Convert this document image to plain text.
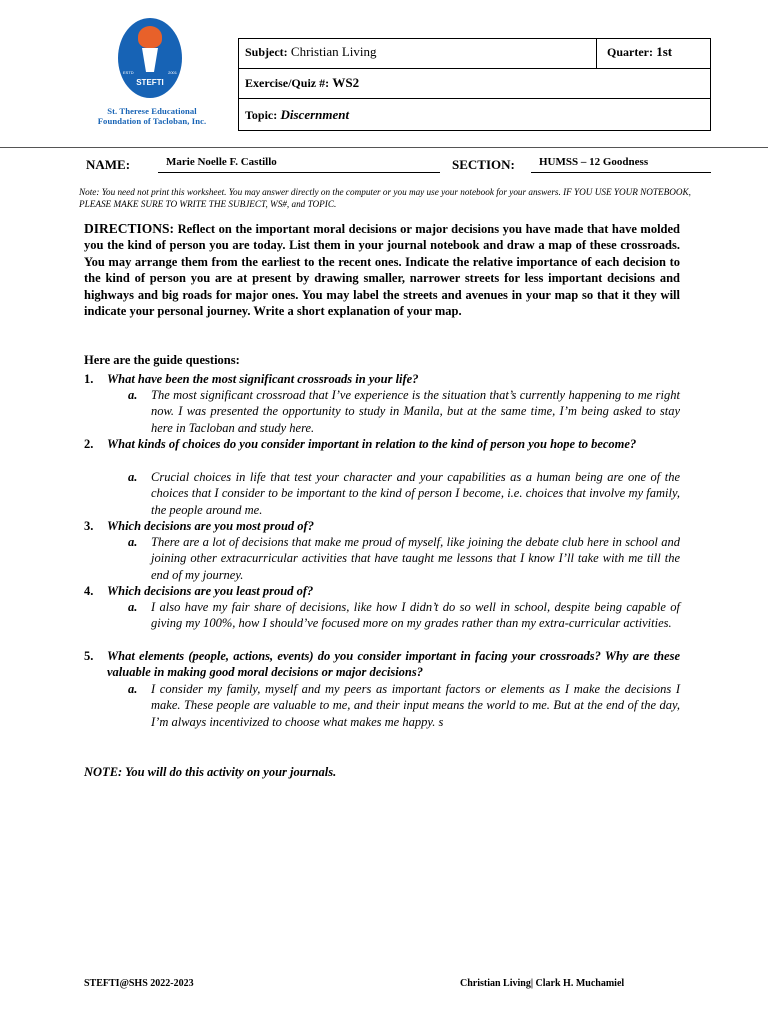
ESTD	2001
STEFTI
St. Therese Educational
Foundation of Tacloban, Inc.
Subject: Christian Living	Quarter: 1st
Exercise/Quiz #: WS2
Topic: Discernment
NAME:	Marie Noelle F. Castillo	SECTION:	HUMSS – 12 Goodness
Note: You need not print this worksheet. You may answer directly on the computer or you may use your notebook for your answers. IF YOU USE YOUR NOTEBOOK, PLEASE MAKE SURE TO WRITE THE SUBJECT, WS#, and TOPIC.
DIRECTIONS: Reflect on the important moral decisions or major decisions you have made that have molded you the kind of person you are today. List them in your journal notebook and draw a map of these crossroads. You may arrange them from the earliest to the recent ones. Indicate the relative importance of each decision to the kind of person you are at present by drawing smaller, narrower streets for less important decisions and highways and big roads for major ones. You may label the streets and avenues in your map so that it they will indicate your personal journey. Write a short explanation of your map.
Here are the guide questions:
1.	What have been the most significant crossroads in your life?
a.	The most significant crossroad that I’ve experience is the situation that’s currently happening to me right now. I was presented the opportunity to study in Manila, but at the same time, I’m being asked to stay here in Tacloban and study here.
2.	What kinds of choices do you consider important in relation to the kind of person you hope to become?
a.	Crucial choices in life that test your character and your capabilities as a human being are one of the choices that I consider to be important to the kind of person I become, i.e. choices that involve my family, the people around me.
3.	Which decisions are you most proud of?
a.	There are a lot of decisions that make me proud of myself, like joining the debate club here in school and joining other extracurricular activities that have taught me lessons that I know I’ll take with me till the end of my journey.
4.	Which decisions are you least proud of?
a.	I also have my fair share of decisions, like how I didn’t do so well in school, despite being capable of giving my 100%, how I should’ve focused more on my grades rather than my extra-curricular activities.
5.	What elements (people, actions, events) do you consider important in facing your crossroads? Why are these valuable in making good moral decisions or major decisions?
a.	I consider my family, myself and my peers as important factors or elements as I make the decisions I make. These people are valuable to me, and their input means the world to me. But at the end of the day, I’m always incentivized to choose what makes me happy. s
NOTE: You will do this activity on your journals.
STEFTI@SHS 2022-2023	Christian Living| Clark H. Muchamiel
